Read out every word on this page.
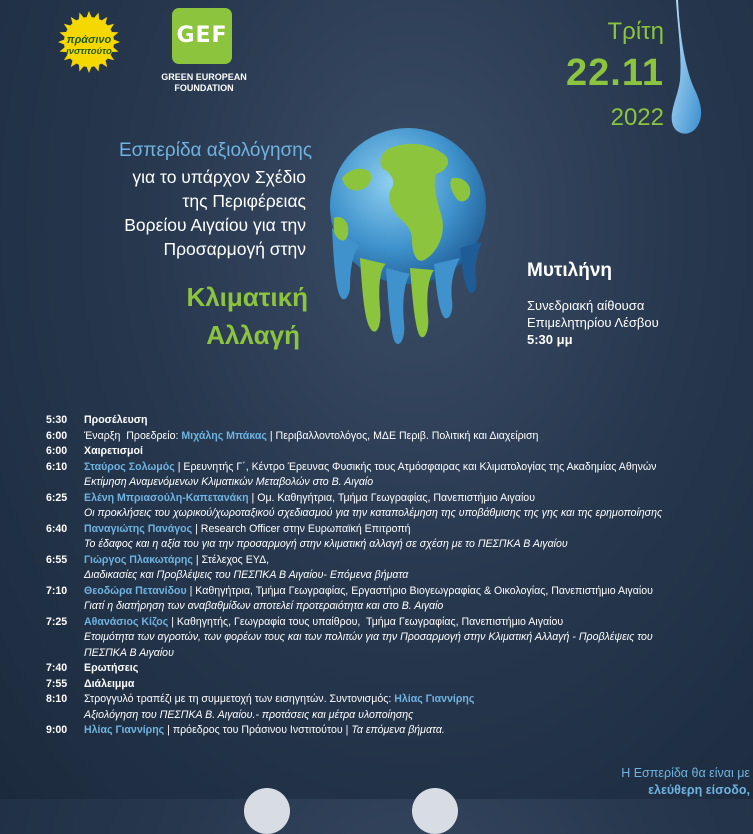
πράσινο
ινστιτούτο
GEF
GREEN EUROPEAN
FOUNDATION
Τρίτη
22.11
2022
Εσπερίδα αξιολόγησης
για το υπάρχον Σχέδιο
της Περιφέρειας
Βορείου Αιγαίου για την
Προσαρμογή στην
Κλιματική
Αλλαγή
Μυτιλήνη
Συνεδριακή αίθουσα
Επιμελητηρίου Λέσβου
5:30 μμ
5:30	Προσέλευση
6:00	Έναρξη  Προεδρείο: Μιχάλης Μπάκας | Περιβαλλοντολόγος, ΜΔΕ Περιβ. Πολιτική και Διαχείριση
6:00	Χαιρετισμοί
6:10	Σταύρος Σολωμός | Ερευνητής Γ΄, Κέντρο Έρευνας Φυσικής τους Ατμόσφαιρας και Κλιματολογίας της Ακαδημίας Αθηνών
Εκτίμηση Αναμενόμενων Κλιματικών Μεταβολών στο Β. Αιγαίο
6:25	Ελένη Μπριασούλη-Καπετανάκη | Ομ. Καθηγήτρια, Τμήμα Γεωγραφίας, Πανεπιστήμιο Αιγαίου
Οι προκλήσεις του χωρικού/χωροταξικού σχεδιασμού για την καταπολέμηση της υποβάθμισης της γης και της ερημοποίησης
6:40	Παναγιώτης Πανάγος | Research Officer στην Ευρωπαϊκή Επιτροπή
Το έδαφος και η αξία του για την προσαρμογή στην κλιματική αλλαγή σε σχέση με το ΠΕΣΠΚΑ Β Αιγαίου
6:55	Γιώργος Πλακωτάρης | Στέλεχος ΕΥΔ,
Διαδικασίες και Προβλέψεις του ΠΕΣΠΚΑ Β Αιγαίου- Επόμενα βήματα
7:10	Θεοδώρα Πετανίδου | Καθηγήτρια, Τμήμα Γεωγραφίας, Εργαστήριο Βιογεωγραφίας & Οικολογίας, Πανεπιστήμιο Αιγαίου
Γιατί η διατήρηση των αναβαθμίδων αποτελεί προτεραιότητα και στο Β. Αιγαίο
7:25	Αθανάσιος Κίζος | Καθηγητής, Γεωγραφία τους υπαίθρου,  Τμήμα Γεωγραφίας, Πανεπιστήμιο Αιγαίου
Ετοιμότητα των αγροτών, των φορέων τους και των πολιτών για την Προσαρμογή στην Κλιματική Αλλαγή - Προβλέψεις του
ΠΕΣΠΚΑ Β Αιγαίου
7:40	Ερωτήσεις
7:55	Διάλειμμα
8:10	Στρογγυλό τραπέζι με τη συμμετοχή των εισηγητών. Συντονισμός: Ηλίας Γιαννίρης
Αξιολόγηση του ΠΕΣΠΚΑ Β. Αιγαίου.- προτάσεις και μέτρα υλοποίησης
9:00	Ηλίας Γιαννίρης | πρόεδρος του Πράσινου Ινστιτούτου | Τα επόμενα βήματα.
Η Εσπερίδα θα είναι με
ελεύθερη είσοδο,
